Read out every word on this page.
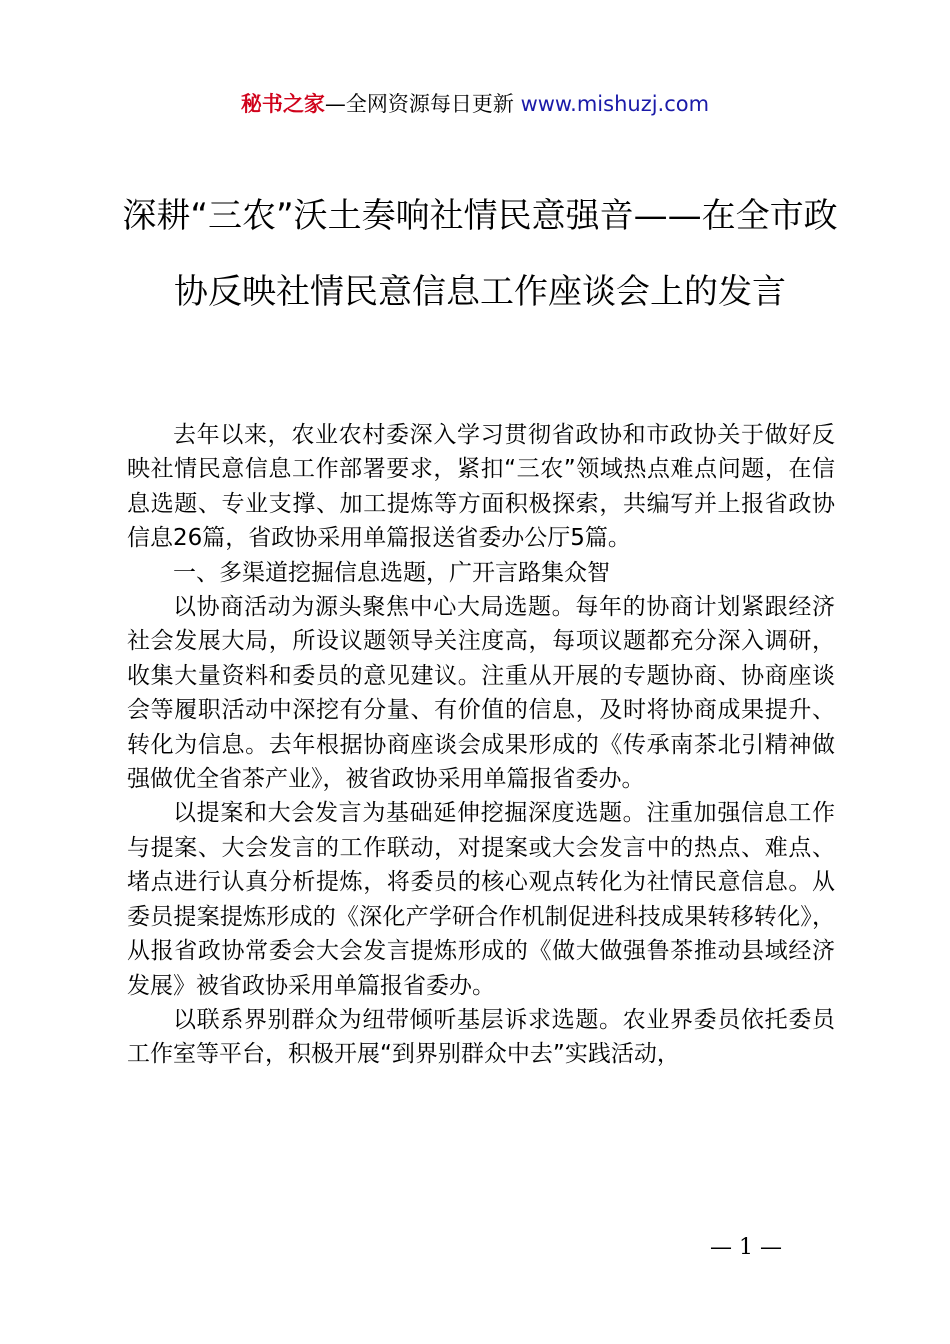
秘书之家—全网资源每日更新 www.mishuzj.com
深耕“三农”沃土奏响社情民意强音——在全市政协反映社情民意信息工作座谈会上的发言

去年以来，农业农村委深入学习贯彻省政协和市政协关于做好反映社情民意信息工作部署要求，紧扣“三农”领域热点难点问题，在信息选题、专业支撑、加工提炼等方面积极探索，共编写并上报省政协信息26篇，省政协采用单篇报送省委办公厅5篇。

一、多渠道挖掘信息选题，广开言路集众智

以协商活动为源头聚焦中心大局选题。每年的协商计划紧跟经济社会发展大局，所设议题领导关注度高，每项议题都充分深入调研，收集大量资料和委员的意见建议。注重从开展的专题协商、协商座谈会等履职活动中深挖有分量、有价值的信息，及时将协商成果提升、转化为信息。去年根据协商座谈会成果形成的《传承南茶北引精神做强做优全省茶产业》，被省政协采用单篇报省委办。

以提案和大会发言为基础延伸挖掘深度选题。注重加强信息工作与提案、大会发言的工作联动，对提案或大会发言中的热点、难点、堵点进行认真分析提炼，将委员的核心观点转化为社情民意信息。从委员提案提炼形成的《深化产学研合作机制促进科技成果转移转化》，从报省政协常委会大会发言提炼形成的《做大做强鲁茶推动县域经济发展》被省政协采用单篇报省委办。

以联系界别群众为纽带倾听基层诉求选题。农业界委员依托委员工作室等平台，积极开展“到界别群众中去”实践活动，

— 1 —
